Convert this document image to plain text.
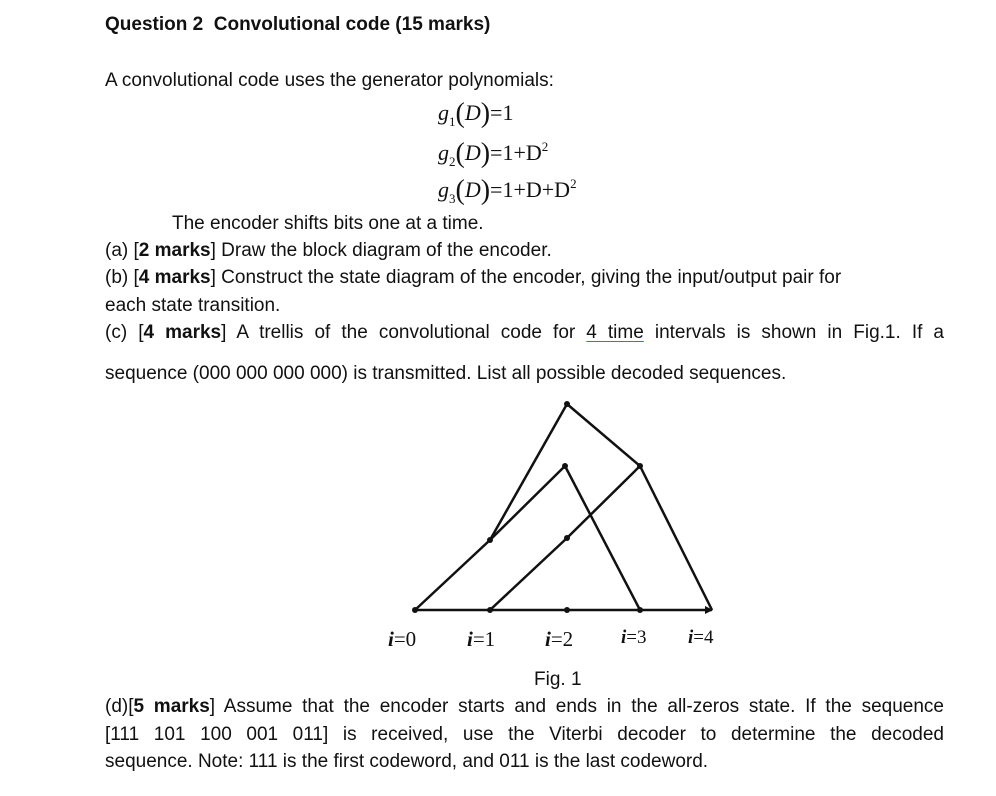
Question 2 Convolutional code (15 marks)
A convolutional code uses the generator polynomials:
$g_1(D)=1$
$g_2(D)=1+D^2$
$g_3(D)=1+D+D^2$
The encoder shifts bits one at a time.
(a) [2 marks] Draw the block diagram of the encoder.
(b) [4 marks] Construct the state diagram of the encoder, giving the input/output pair for
each state transition.
(c) [4 marks] A trellis of the convolutional code for 4 time intervals is shown in Fig.1. If a
sequence (000 000 000 000) is transmitted. List all possible decoded sequences.
i=0 i=1 i=2	i=3 i=4
Fig. 1
(d)[5 marks] Assume that the encoder starts and ends in the all-zeros state. If the sequence
[111 101 100 001 011] is received, use the Viterbi decoder to determine the decoded
sequence. Note: 111 is the first codeword, and 011 is the last codeword.
